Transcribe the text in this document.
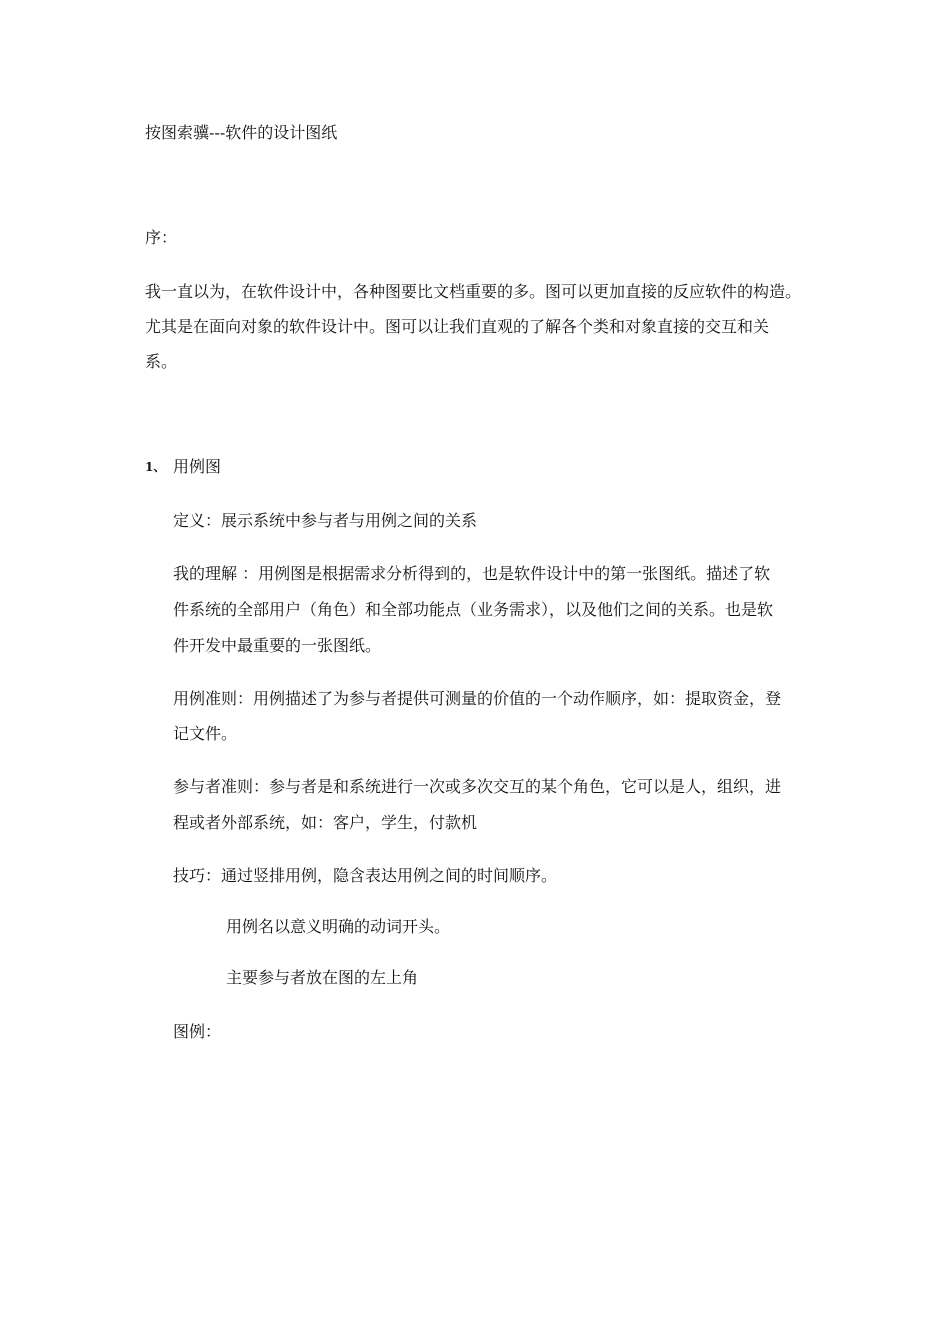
按图索骥---软件的设计图纸
序：
我一直以为，在软件设计中，各种图要比文档重要的多。图可以更加直接的反应软件的构造。
尤其是在面向对象的软件设计中。图可以让我们直观的了解各个类和对象直接的交互和关
系。
1、 用例图
定义：展示系统中参与者与用例之间的关系
我的理解 ：用例图是根据需求分析得到的，也是软件设计中的第一张图纸。描述了软
件系统的全部用户（角色）和全部功能点（业务需求），以及他们之间的关系。也是软
件开发中最重要的一张图纸。
用例准则：用例描述了为参与者提供可测量的价值的一个动作顺序，如：提取资金，登
记文件。
参与者准则：参与者是和系统进行一次或多次交互的某个角色，它可以是人，组织，进
程或者外部系统，如：客户，学生，付款机
技巧：通过竖排用例，隐含表达用例之间的时间顺序。
用例名以意义明确的动词开头。
主要参与者放在图的左上角
图例：
